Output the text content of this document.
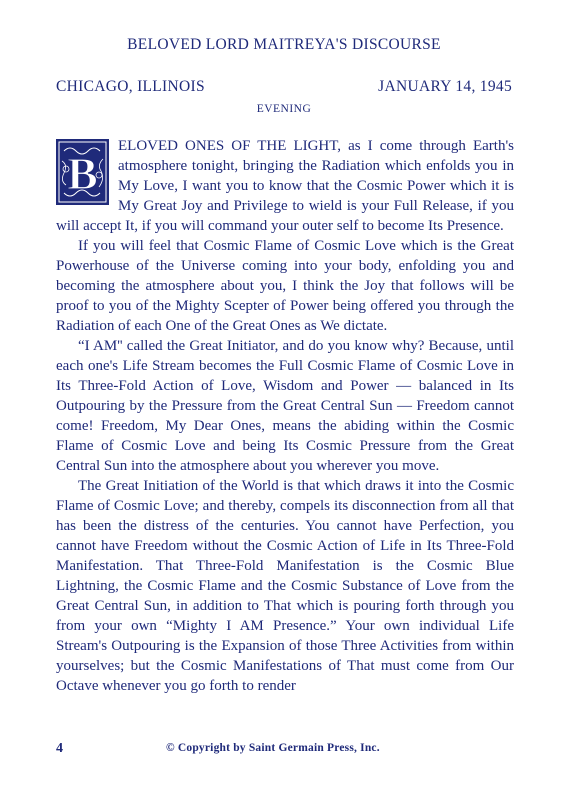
BELOVED LORD MAITREYA'S DISCOURSE
CHICAGO, ILLINOIS	JANUARY 14, 1945
EVENING

B
ELOVED ONES OF THE LIGHT, as I come through Earth's atmosphere tonight, bringing the Radiation which enfolds you in My Love, I want you to know that the Cosmic Power which it is My Great Joy and Privilege to wield is your Full Release, if you will accept It, if you will command your outer self to become Its Presence.

If you will feel that Cosmic Flame of Cosmic Love which is the Great Powerhouse of the Universe coming into your body, enfolding you and becoming the atmosphere about you, I think the Joy that follows will be proof to you of the Mighty Scepter of Power being offered you through the Radiation of each One of the Great Ones as We dictate.

“I AM'' called the Great Initiator, and do you know why? Because, until each one's Life Stream becomes the Full Cosmic Flame of Cosmic Love in Its Three-Fold Action of Love, Wisdom and Power — balanced in Its Outpouring by the Pressure from the Great Central Sun — Freedom cannot come! Freedom, My Dear Ones, means the abiding within the Cosmic Flame of Cosmic Love and being Its Cosmic Pressure from the Great Central Sun into the atmosphere about you wherever you move.

The Great Initiation of the World is that which draws it into the Cosmic Flame of Cosmic Love; and thereby, compels its disconnection from all that has been the distress of the centuries. You cannot have Perfection, you cannot have Freedom without the Cosmic Action of Life in Its Three-Fold Manifestation. That Three-Fold Manifestation is the Cosmic Blue Lightning, the Cosmic Flame and the Cosmic Substance of Love from the Great Central Sun, in addition to That which is pouring forth through you from your own “Mighty I AM Presence.” Your own individual Life Stream's Outpouring is the Expansion of those Three Activities from within yourselves; but the Cosmic Manifestations of That must come from Our Octave whenever you go forth to render

4	© Copyright by Saint Germain Press, Inc.
